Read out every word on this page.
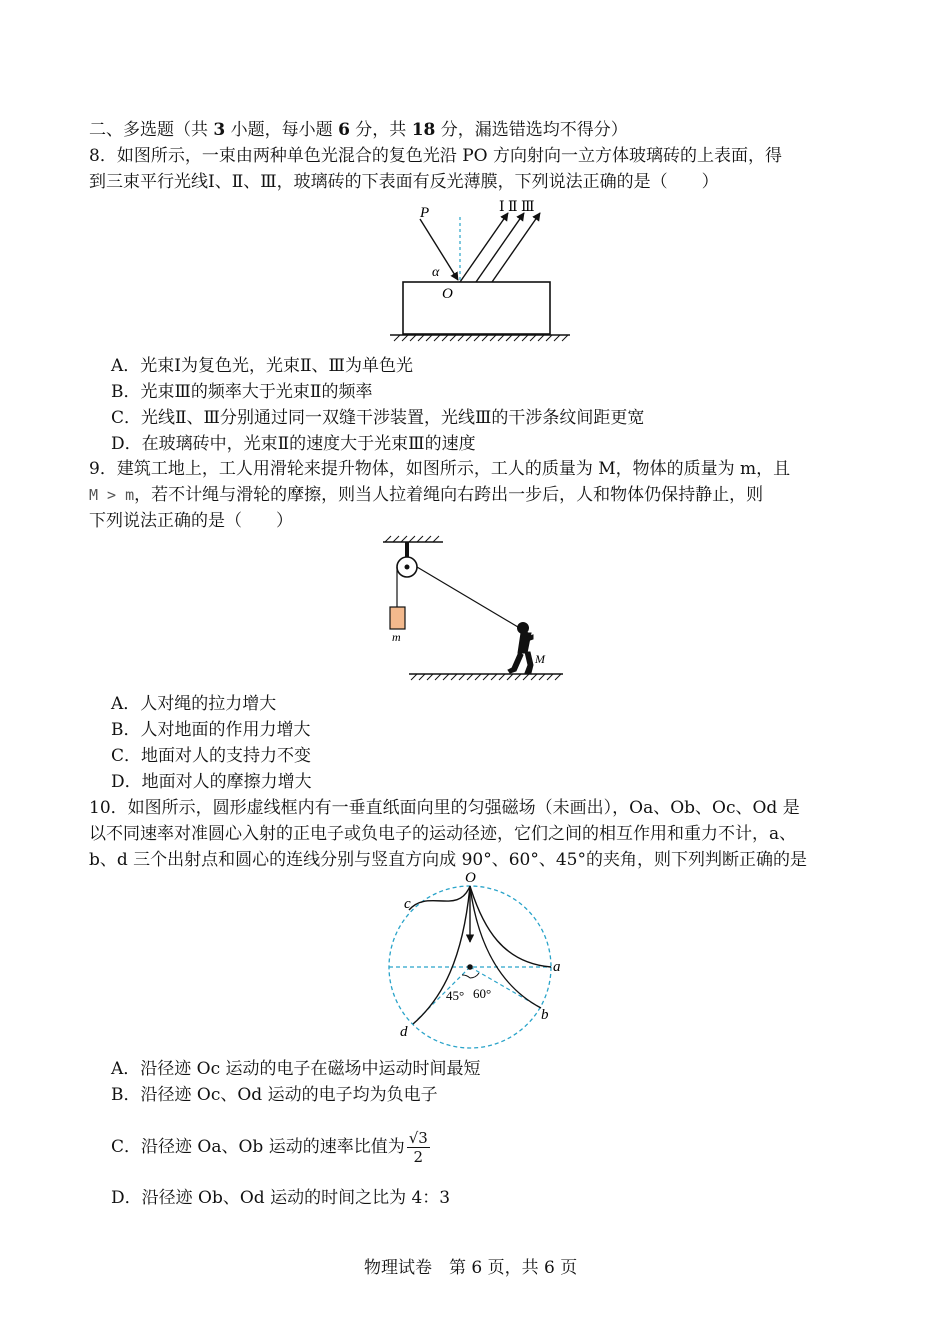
二、多选题（共 3 小题，每小题 6 分，共 18 分，漏选错选均不得分）
8．如图所示，一束由两种单色光混合的复色光沿 PO 方向射向一立方体玻璃砖的上表面，得
到三束平行光线Ⅰ、Ⅱ、Ⅲ，玻璃砖的下表面有反光薄膜，下列说法正确的是（　　）
P
α
O
Ⅰ Ⅱ Ⅲ
A．光束Ⅰ为复色光，光束Ⅱ、Ⅲ为单色光
B．光束Ⅲ的频率大于光束Ⅱ的频率
C．光线Ⅱ、Ⅲ分别通过同一双缝干涉装置，光线Ⅲ的干涉条纹间距更宽
D．在玻璃砖中，光束Ⅱ的速度大于光束Ⅲ的速度
9．建筑工地上，工人用滑轮来提升物体，如图所示，工人的质量为 M，物体的质量为 m，且
M > m，若不计绳与滑轮的摩擦，则当人拉着绳向右跨出一步后，人和物体仍保持静止，则
下列说法正确的是（　　）
m
M
A．人对绳的拉力增大
B．人对地面的作用力增大
C．地面对人的支持力不变
D．地面对人的摩擦力增大
10．如图所示，圆形虚线框内有一垂直纸面向里的匀强磁场（未画出），Oa、Ob、Oc、Od 是
以不同速率对准圆心入射的正电子或负电子的运动径迹，它们之间的相互作用和重力不计，a、
b、d 三个出射点和圆心的连线分别与竖直方向成 90°、60°、45°的夹角，则下列判断正确的是
O
c
a
b
d
45° 60°
A．沿径迹 Oc 运动的电子在磁场中运动时间最短
B．沿径迹 Oc、Od 运动的电子均为负电子
C．沿径迹 Oa、Ob 运动的速率比值为 $\frac{√3}{2}$
D．沿径迹 Ob、Od 运动的时间之比为 4：3
物理试卷　第 6 页，共 6 页
